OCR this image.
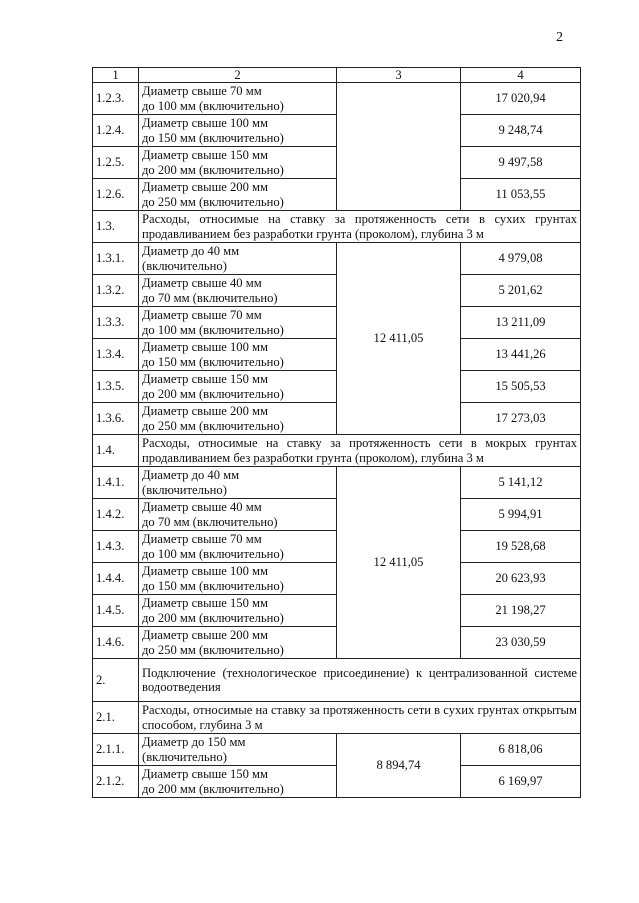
2
1	2	3	4
1.2.3.	Диаметр свыше 70 мм
до 100 мм (включительно)		17 020,94
1.2.4.	Диаметр свыше 100 мм
до 150 мм (включительно)		9 248,74
1.2.5.	Диаметр свыше 150 мм
до 200 мм (включительно)		9 497,58
1.2.6.	Диаметр свыше 200 мм
до 250 мм (включительно)		11 053,55
1.3.	Расходы, относимые на ставку за протяженность сети в сухих грунтах продавливанием без разработки грунта (проколом), глубина 3 м		
1.3.1.	Диаметр до 40 мм
(включительно)	12 411,05	4 979,08
1.3.2.	Диаметр свыше 40 мм
до 70 мм (включительно)		5 201,62
1.3.3.	Диаметр свыше 70 мм
до 100 мм (включительно)		13 211,09
1.3.4.	Диаметр свыше 100 мм
до 150 мм (включительно)		13 441,26
1.3.5.	Диаметр свыше 150 мм
до 200 мм (включительно)		15 505,53
1.3.6.	Диаметр свыше 200 мм
до 250 мм (включительно)		17 273,03
1.4.	Расходы, относимые на ставку за протяженность сети в мокрых грунтах продавливанием без разработки грунта (проколом), глубина 3 м		
1.4.1.	Диаметр до 40 мм
(включительно)	12 411,05	5 141,12
1.4.2.	Диаметр свыше 40 мм
до 70 мм (включительно)		5 994,91
1.4.3.	Диаметр свыше 70 мм
до 100 мм (включительно)		19 528,68
1.4.4.	Диаметр свыше 100 мм
до 150 мм (включительно)		20 623,93
1.4.5.	Диаметр свыше 150 мм
до 200 мм (включительно)		21 198,27
1.4.6.	Диаметр свыше 200 мм
до 250 мм (включительно)		23 030,59
2.	Подключение (технологическое присоединение) к централизованной системе водоотведения		
2.1.	Расходы, относимые на ставку за протяженность сети в сухих грунтах открытым способом, глубина 3 м		
2.1.1.	Диаметр до 150 мм
(включительно)	8 894,74	6 818,06
2.1.2.	Диаметр свыше 150 мм
до 200 мм (включительно)		6 169,97
